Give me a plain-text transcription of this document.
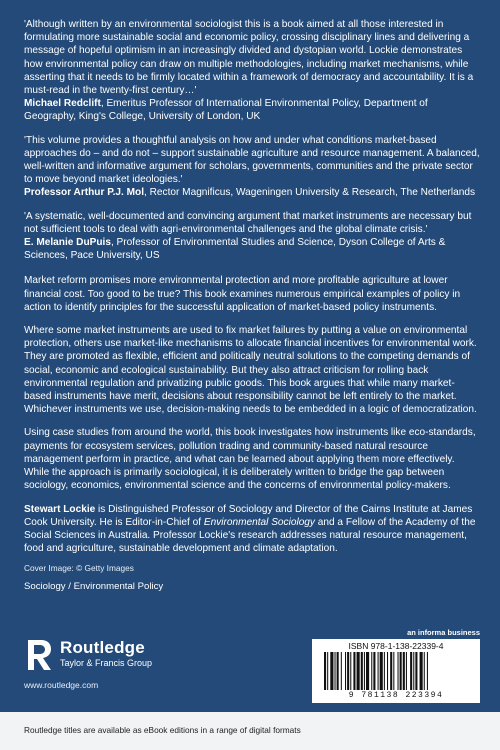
'Although written by an environmental sociologist this is a book aimed at all those interested in formulating more sustainable social and economic policy, crossing disciplinary lines and delivering a message of hopeful optimism in an increasingly divided and dystopian world. Lockie demonstrates how environmental policy can draw on multiple methodologies, including market mechanisms, while asserting that it needs to be firmly located within a framework of democracy and accountability. It is a must-read in the twenty-first century…'

Michael Redclift, Emeritus Professor of International Environmental Policy, Department of Geography, King's College, University of London, UK

'This volume provides a thoughtful analysis on how and under what conditions market-based approaches do – and do not – support sustainable agriculture and resource management. A balanced, well-written and informative argument for scholars, governments, communities and the private sector to move beyond market ideologies.'

Professor Arthur P.J. Mol, Rector Magnificus, Wageningen University & Research, The Netherlands

'A systematic, well-documented and convincing argument that market instruments are necessary but not sufficient tools to deal with agri-environmental challenges and the global climate crisis.'

E. Melanie DuPuis, Professor of Environmental Studies and Science, Dyson College of Arts & Sciences, Pace University, US

Market reform promises more environmental protection and more profitable agriculture at lower financial cost. Too good to be true? This book examines numerous empirical examples of policy in action to identify principles for the successful application of market-based policy instruments.

Where some market instruments are used to fix market failures by putting a value on environmental protection, others use market-like mechanisms to allocate financial incentives for environmental work. They are promoted as flexible, efficient and politically neutral solutions to the competing demands of social, economic and ecological sustainability. But they also attract criticism for rolling back environmental regulation and privatizing public goods. This book argues that while many market-based instruments have merit, decisions about responsibility cannot be left entirely to the market. Whichever instruments we use, decision-making needs to be embedded in a logic of democratization.

Using case studies from around the world, this book investigates how instruments like eco-standards, payments for ecosystem services, pollution trading and community-based natural resource management perform in practice, and what can be learned about applying them more effectively. While the approach is primarily sociological, it is deliberately written to bridge the gap between sociology, economics, environmental science and the concerns of environmental policy-makers.

Stewart Lockie is Distinguished Professor of Sociology and Director of the Cairns Institute at James Cook University. He is Editor-in-Chief of Environmental Sociology and a Fellow of the Academy of the Social Sciences in Australia. Professor Lockie's research addresses natural resource management, food and agriculture, sustainable development and climate adaptation.

Cover Image: © Getty Images

Sociology / Environmental Policy

Routledge
Taylor & Francis Group
www.routledge.com
an informa business
ISBN 978-1-138-22339-4
9 781138 223394
Routledge titles are available as eBook editions in a range of digital formats
